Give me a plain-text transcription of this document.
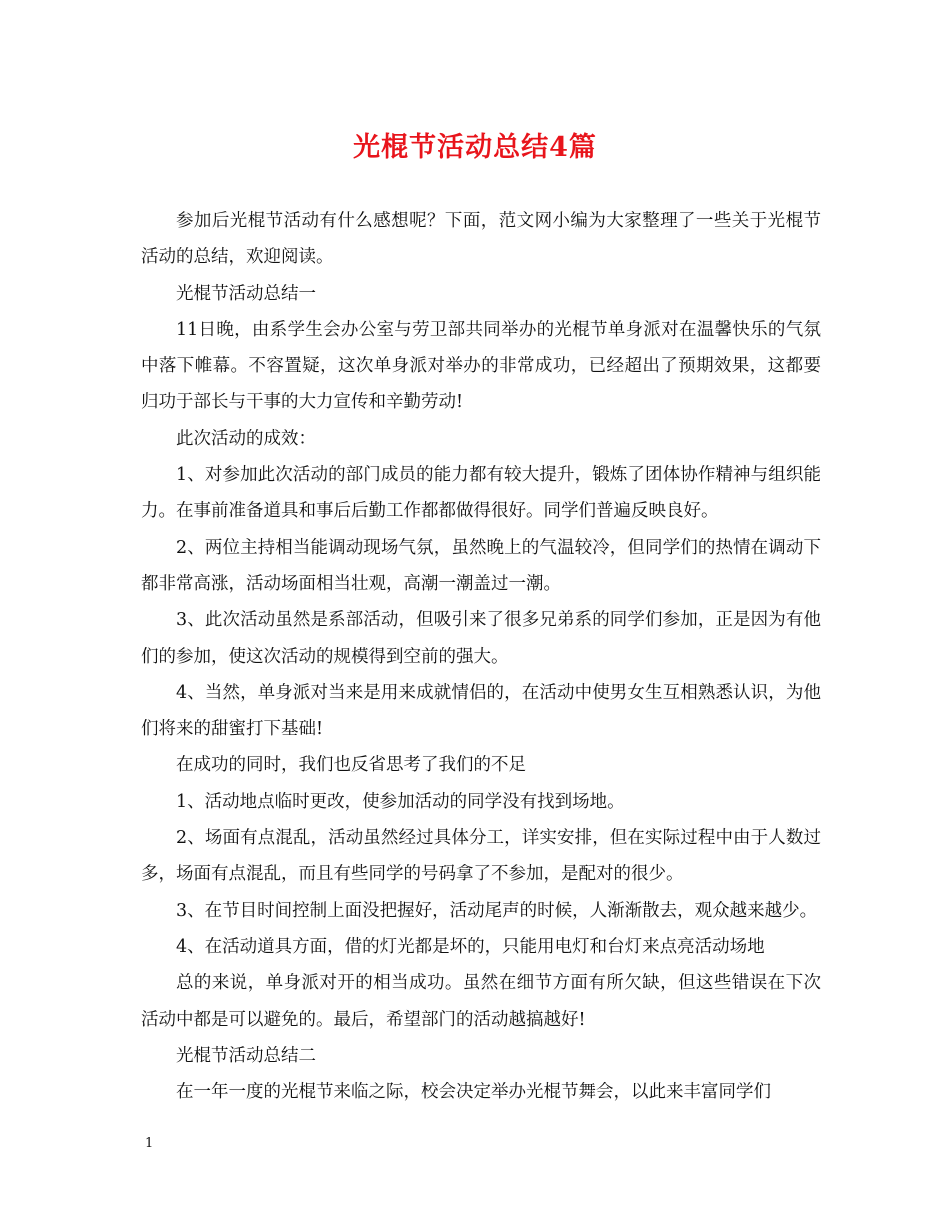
光棍节活动总结4篇

参加后光棍节活动有什么感想呢？下面，范文网小编为大家整理了一些关于光棍节活动的总结，欢迎阅读。

光棍节活动总结一

11日晚，由系学生会办公室与劳卫部共同举办的光棍节单身派对在温馨快乐的气氛中落下帷幕。不容置疑，这次单身派对举办的非常成功，已经超出了预期效果，这都要归功于部长与干事的大力宣传和辛勤劳动!

此次活动的成效：

1、对参加此次活动的部门成员的能力都有较大提升，锻炼了团体协作精神与组织能力。在事前准备道具和事后后勤工作都都做得很好。同学们普遍反映良好。

2、两位主持相当能调动现场气氛，虽然晚上的气温较冷，但同学们的热情在调动下都非常高涨，活动场面相当壮观，高潮一潮盖过一潮。

3、此次活动虽然是系部活动，但吸引来了很多兄弟系的同学们参加，正是因为有他们的参加，使这次活动的规模得到空前的强大。

4、当然，单身派对当来是用来成就情侣的，在活动中使男女生互相熟悉认识，为他们将来的甜蜜打下基础!

在成功的同时，我们也反省思考了我们的不足

1、活动地点临时更改，使参加活动的同学没有找到场地。

2、场面有点混乱，活动虽然经过具体分工，详实安排，但在实际过程中由于人数过多，场面有点混乱，而且有些同学的号码拿了不参加，是配对的很少。

3、在节目时间控制上面没把握好，活动尾声的时候，人渐渐散去，观众越来越少。

4、在活动道具方面，借的灯光都是坏的，只能用电灯和台灯来点亮活动场地

总的来说，单身派对开的相当成功。虽然在细节方面有所欠缺，但这些错误在下次活动中都是可以避免的。最后，希望部门的活动越搞越好!

光棍节活动总结二

在一年一度的光棍节来临之际，校会决定举办光棍节舞会，以此来丰富同学们

1
